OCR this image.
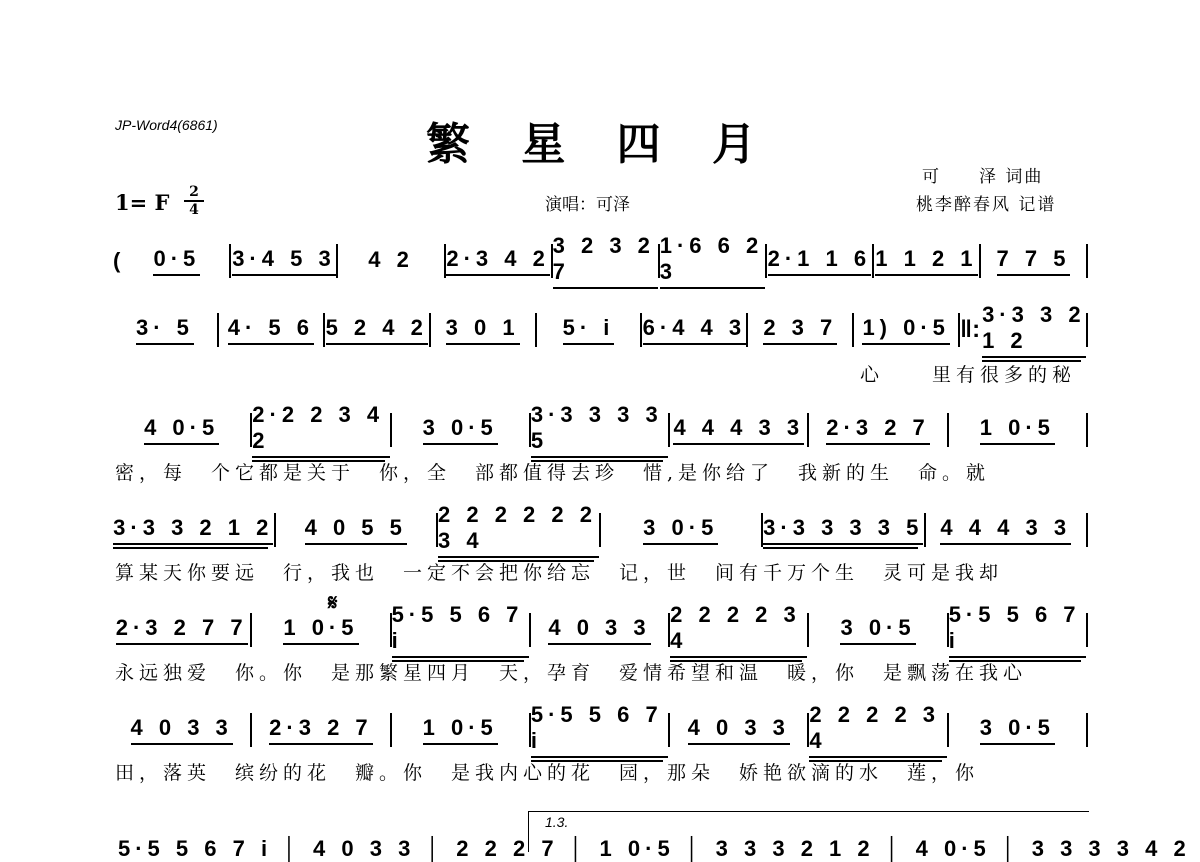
JP-Word4(6861)	繁 星 四 月
可　　泽 词曲
桃李醉春风 记谱
演唱：可泽
1= F $\frac{2}{4}$
( 0·5 3·4 5 3 4 2 2·3 4 2
3 2 3 2 7
1·6 6 2 3
2·1 1 6 1 1 2 1 7 7 5
3· 5 4· 5 6 5 2 4 2 3 0 1 5· i 6·4 4 3 2 3 7 1) 0·5 ‖:
3·3 3 2 1 2
心　　里有很多的秘
4 0·5
2·2 2 3 4 2
3 0·5
3·3 3 3 3 5
4 4 4 3 3 2·3 2 7 1 0·5
密，每　个它都是关于　你，全　部都值得去珍　惜,是你给了　我新的生　命。就
3·3 3 2 1 2 4 0 5 5
2 2 2 2 2 2 3 4
3 0·5 3·3 3 3 3 5 4 4 4 3 3
算某天你要远　行，我也　一定不会把你给忘　记，世　间有千万个生　灵可是我却
2·3 2 7 7 1 0·5
5·5 5 6 7 i
4 0 3 3
2 2 2 2 3 4
3 0·5
5·5 5 6 7 i
永远独爱　你。你　是那繁星四月　天，孕育　爱情希望和温　暖，你　是飘荡在我心
4 0 3 3 2·3 2 7 1 0·5
5·5 5 6 7 i
4 0 3 3
2 2 2 2 3 4
3 0·5
田，落英　缤纷的花　瓣。你　是我内心的花　园，那朵　娇艳欲滴的水　莲，你
𝄋
1.3.
5·5 5 6 7 i │ 4 0 3 3 │ 2 2 2 7 │ 1 0·5 │ 3 3 3 2 1 2 │ 4 0·5 │ 3 3 3 3 4 2
